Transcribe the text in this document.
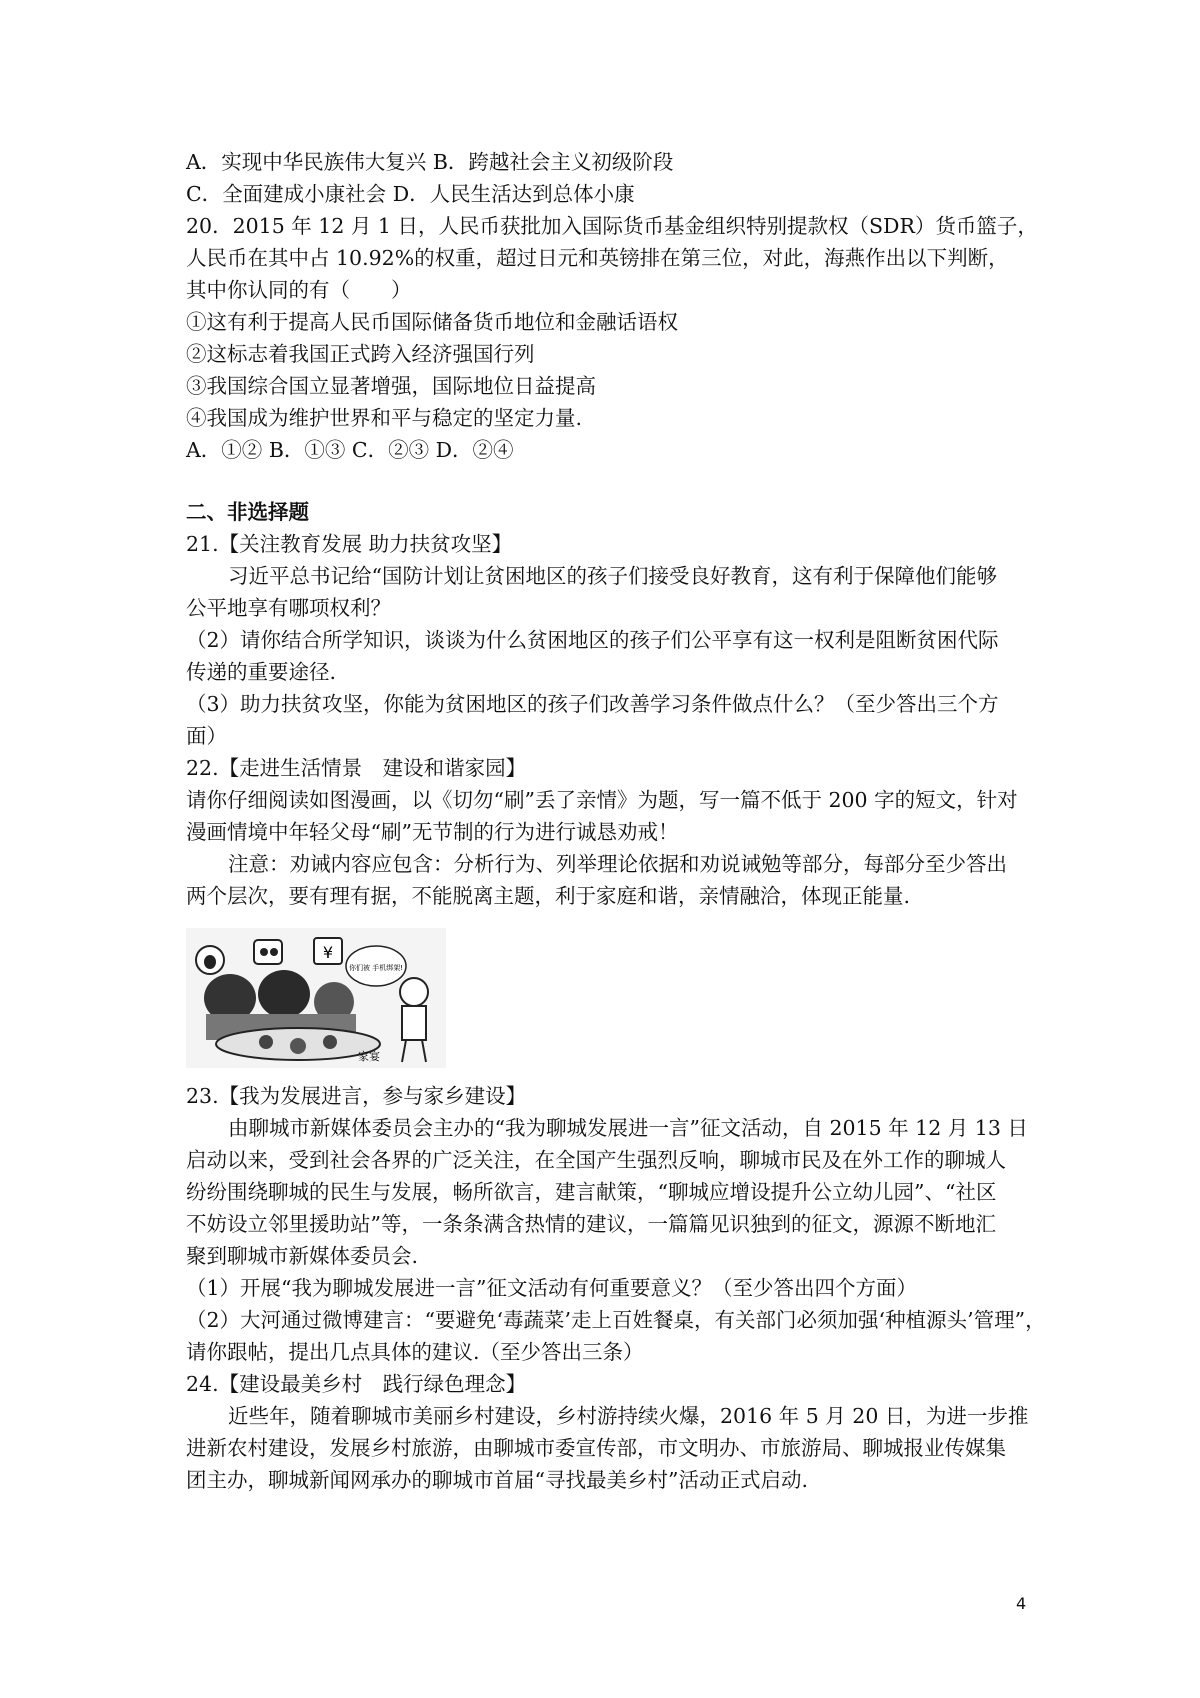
A．实现中华民族伟大复兴 B．跨越社会主义初级阶段
C．全面建成小康社会 D．人民生活达到总体小康
20．2015 年 12 月 1 日，人民币获批加入国际货币基金组织特别提款权（SDR）货币篮子，
人民币在其中占 10.92%的权重，超过日元和英镑排在第三位，对此，海燕作出以下判断，
其中你认同的有（　　）
①这有利于提高人民币国际储备货币地位和金融话语权
②这标志着我国正式跨入经济强国行列
③我国综合国立显著增强，国际地位日益提高
④我国成为维护世界和平与稳定的坚定力量.
A．①② B．①③ C．②③ D．②④
二、非选择题
21.【关注教育发展 助力扶贫攻坚】
习近平总书记给“国防计划让贫困地区的孩子们接受良好教育，这有利于保障他们能够
公平地享有哪项权利？
（2）请你结合所学知识，谈谈为什么贫困地区的孩子们公平享有这一权利是阻断贫困代际
传递的重要途径.
（3）助力扶贫攻坚，你能为贫困地区的孩子们改善学习条件做点什么？（至少答出三个方
面）
22.【走进生活情景　建设和谐家园】
请你仔细阅读如图漫画，以《切勿“刷”丢了亲情》为题，写一篇不低于 200 字的短文，针对
漫画情境中年轻父母“刷”无节制的行为进行诚恳劝戒！
注意：劝诫内容应包含：分析行为、列举理论依据和劝说诫勉等部分，每部分至少答出
两个层次，要有理有据，不能脱离主题，利于家庭和谐，亲情融洽，体现正能量.
¥
家宴
你们被 手机绑架!
23.【我为发展进言，参与家乡建设】
由聊城市新媒体委员会主办的“我为聊城发展进一言”征文活动，自 2015 年 12 月 13 日
启动以来，受到社会各界的广泛关注，在全国产生强烈反响，聊城市民及在外工作的聊城人
纷纷围绕聊城的民生与发展，畅所欲言，建言献策，“聊城应增设提升公立幼儿园”、“社区
不妨设立邻里援助站”等，一条条满含热情的建议，一篇篇见识独到的征文，源源不断地汇
聚到聊城市新媒体委员会.
（1）开展“我为聊城发展进一言”征文活动有何重要意义？（至少答出四个方面）
（2）大河通过微博建言：“要避免‘毒蔬菜’走上百姓餐桌，有关部门必须加强‘种植源头’管理”，
请你跟帖，提出几点具体的建议.（至少答出三条）
24.【建设最美乡村　践行绿色理念】
近些年，随着聊城市美丽乡村建设，乡村游持续火爆，2016 年 5 月 20 日，为进一步推
进新农村建设，发展乡村旅游，由聊城市委宣传部，市文明办、市旅游局、聊城报业传媒集
团主办，聊城新闻网承办的聊城市首届“寻找最美乡村”活动正式启动.
4
